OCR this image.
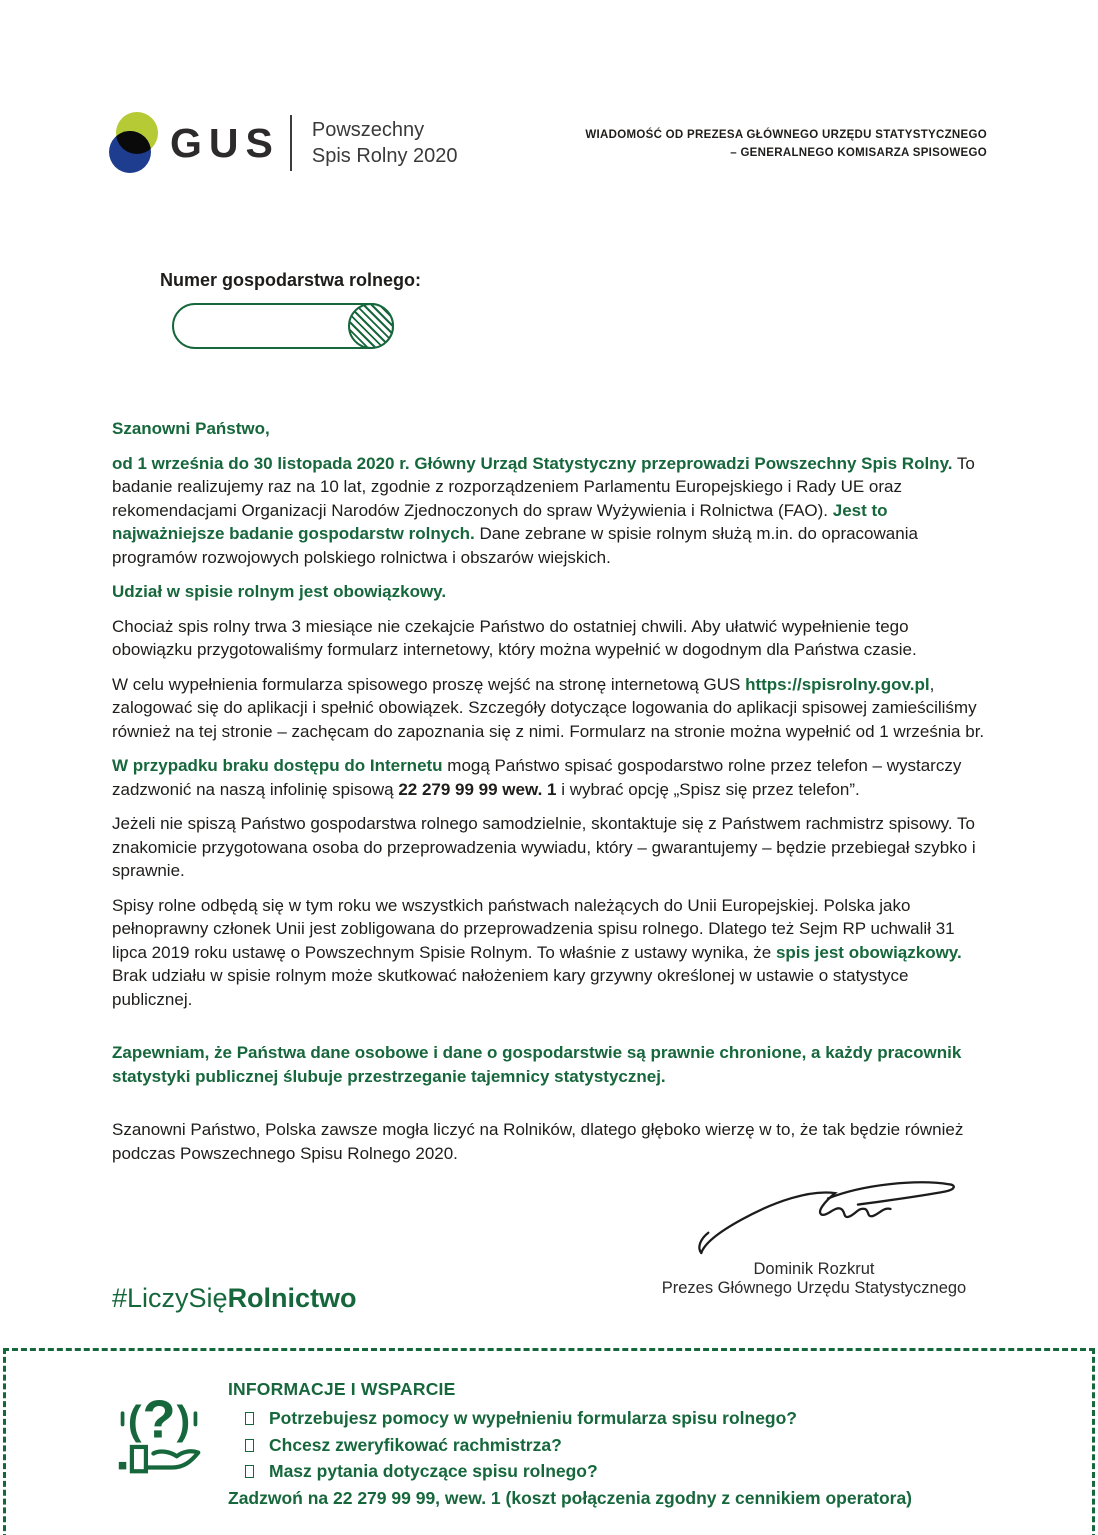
GUS Powszechny
Spis Rolny 2020
WIADOMOŚĆ OD PREZESA GŁÓWNEGO URZĘDU STATYSTYCZNEGO
– GENERALNEGO KOMISARZA SPISOWEGO
Numer gospodarstwa rolnego:

Szanowni Państwo,

od 1 września do 30 listopada 2020 r. Główny Urząd Statystyczny przeprowadzi Powszechny Spis Rolny. To badanie realizujemy raz na 10 lat, zgodnie z rozporządzeniem Parlamentu Europejskiego i Rady UE oraz rekomendacjami Organizacji Narodów Zjednoczonych do spraw Wyżywienia i Rolnictwa (FAO). Jest to najważniejsze badanie gospodarstw rolnych. Dane zebrane w spisie rolnym służą m.in. do opracowania programów rozwojowych polskiego rolnictwa i obszarów wiejskich.

Udział w spisie rolnym jest obowiązkowy.

Chociaż spis rolny trwa 3 miesiące nie czekajcie Państwo do ostatniej chwili. Aby ułatwić wypełnienie tego obowiązku przygotowaliśmy formularz internetowy, który można wypełnić w dogodnym dla Państwa czasie.

W celu wypełnienia formularza spisowego proszę wejść na stronę internetową GUS https://spisrolny.gov.pl, zalogować się do aplikacji i spełnić obowiązek. Szczegóły dotyczące logowania do aplikacji spisowej zamieściliśmy również na tej stronie – zachęcam do zapoznania się z nimi. Formularz na stronie można wypełnić od 1 września br.

W przypadku braku dostępu do Internetu mogą Państwo spisać gospodarstwo rolne przez telefon – wystarczy zadzwonić na naszą infolinię spisową 22 279 99 99 wew. 1 i wybrać opcję „Spisz się przez telefon”.

Jeżeli nie spiszą Państwo gospodarstwa rolnego samodzielnie, skontaktuje się z Państwem rachmistrz spisowy. To znakomicie przygotowana osoba do przeprowadzenia wywiadu, który – gwarantujemy – będzie przebiegał szybko i sprawnie.

Spisy rolne odbędą się w tym roku we wszystkich państwach należących do Unii Europejskiej. Polska jako pełnoprawny członek Unii jest zobligowana do przeprowadzenia spisu rolnego. Dlatego też Sejm RP uchwalił 31 lipca 2019 roku ustawę o Powszechnym Spisie Rolnym. To właśnie z ustawy wynika, że spis jest obowiązkowy. Brak udziału w spisie rolnym może skutkować nałożeniem kary grzywny określonej w ustawie o statystyce publicznej.

Zapewniam, że Państwa dane osobowe i dane o gospodarstwie są prawnie chronione, a każdy pracownik statystyki publicznej ślubuje przestrzeganie tajemnicy statystycznej.

Szanowni Państwo, Polska zawsze mogła liczyć na Rolników, dlatego głęboko wierzę w to, że tak będzie również podczas Powszechnego Spisu Rolnego 2020.

Dominik Rozkrut
Prezes Głównego Urzędu Statystycznego
#LiczySięRolnictwo
( )
?
INFORMACJE I WSPARCIE
Potrzebujesz pomocy w wypełnieniu formularza spisu rolnego?
Chcesz zweryfikować rachmistrza?
Masz pytania dotyczące spisu rolnego?
Zadzwoń na 22 279 99 99, wew. 1 (koszt połączenia zgodny z cennikiem operatora)
